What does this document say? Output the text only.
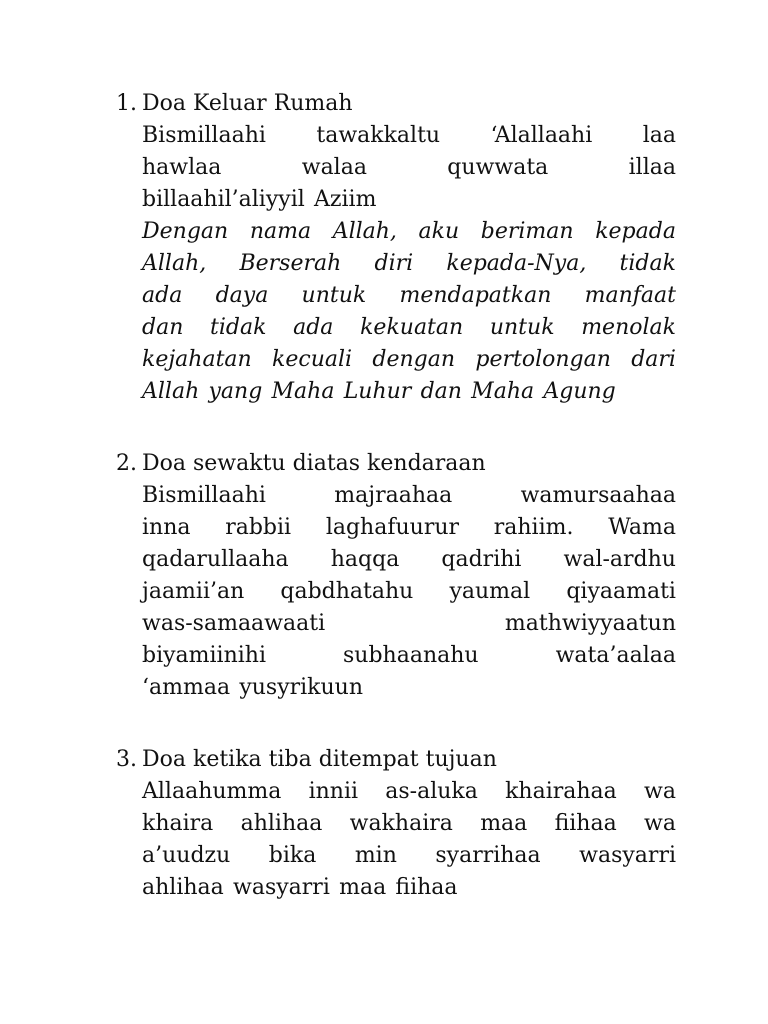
1. Doa Keluar Rumah
Bismillaahi tawakkaltu ‘Alallaahi laa
hawlaa	walaa	quwwata	illaa
billaahil’aliyyil Aziim
Dengan nama Allah, aku beriman kepada
Allah, Berserah diri kepada-Nya, tidak
ada daya untuk mendapatkan manfaat
dan tidak ada kekuatan untuk menolak
kejahatan kecuali dengan pertolongan dari
Allah yang Maha Luhur dan Maha Agung
2. Doa sewaktu diatas kendaraan
Bismillaahi	majraahaa	wamursaahaa
inna rabbii laghafuurur rahiim. Wama
qadarullaaha haqqa qadrihi wal-ardhu
jaamii’an qabdhatahu yaumal qiyaamati
was-samaawaati	mathwiyyaatun
biyamiinihi	subhaanahu	wata’aalaa
‘ammaa yusyrikuun
3. Doa ketika tiba ditempat tujuan
Allaahumma innii as-aluka khairahaa wa
khaira ahlihaa wakhaira maa fiihaa wa
a’uudzu bika min syarrihaa wasyarri
ahlihaa wasyarri maa fiihaa
